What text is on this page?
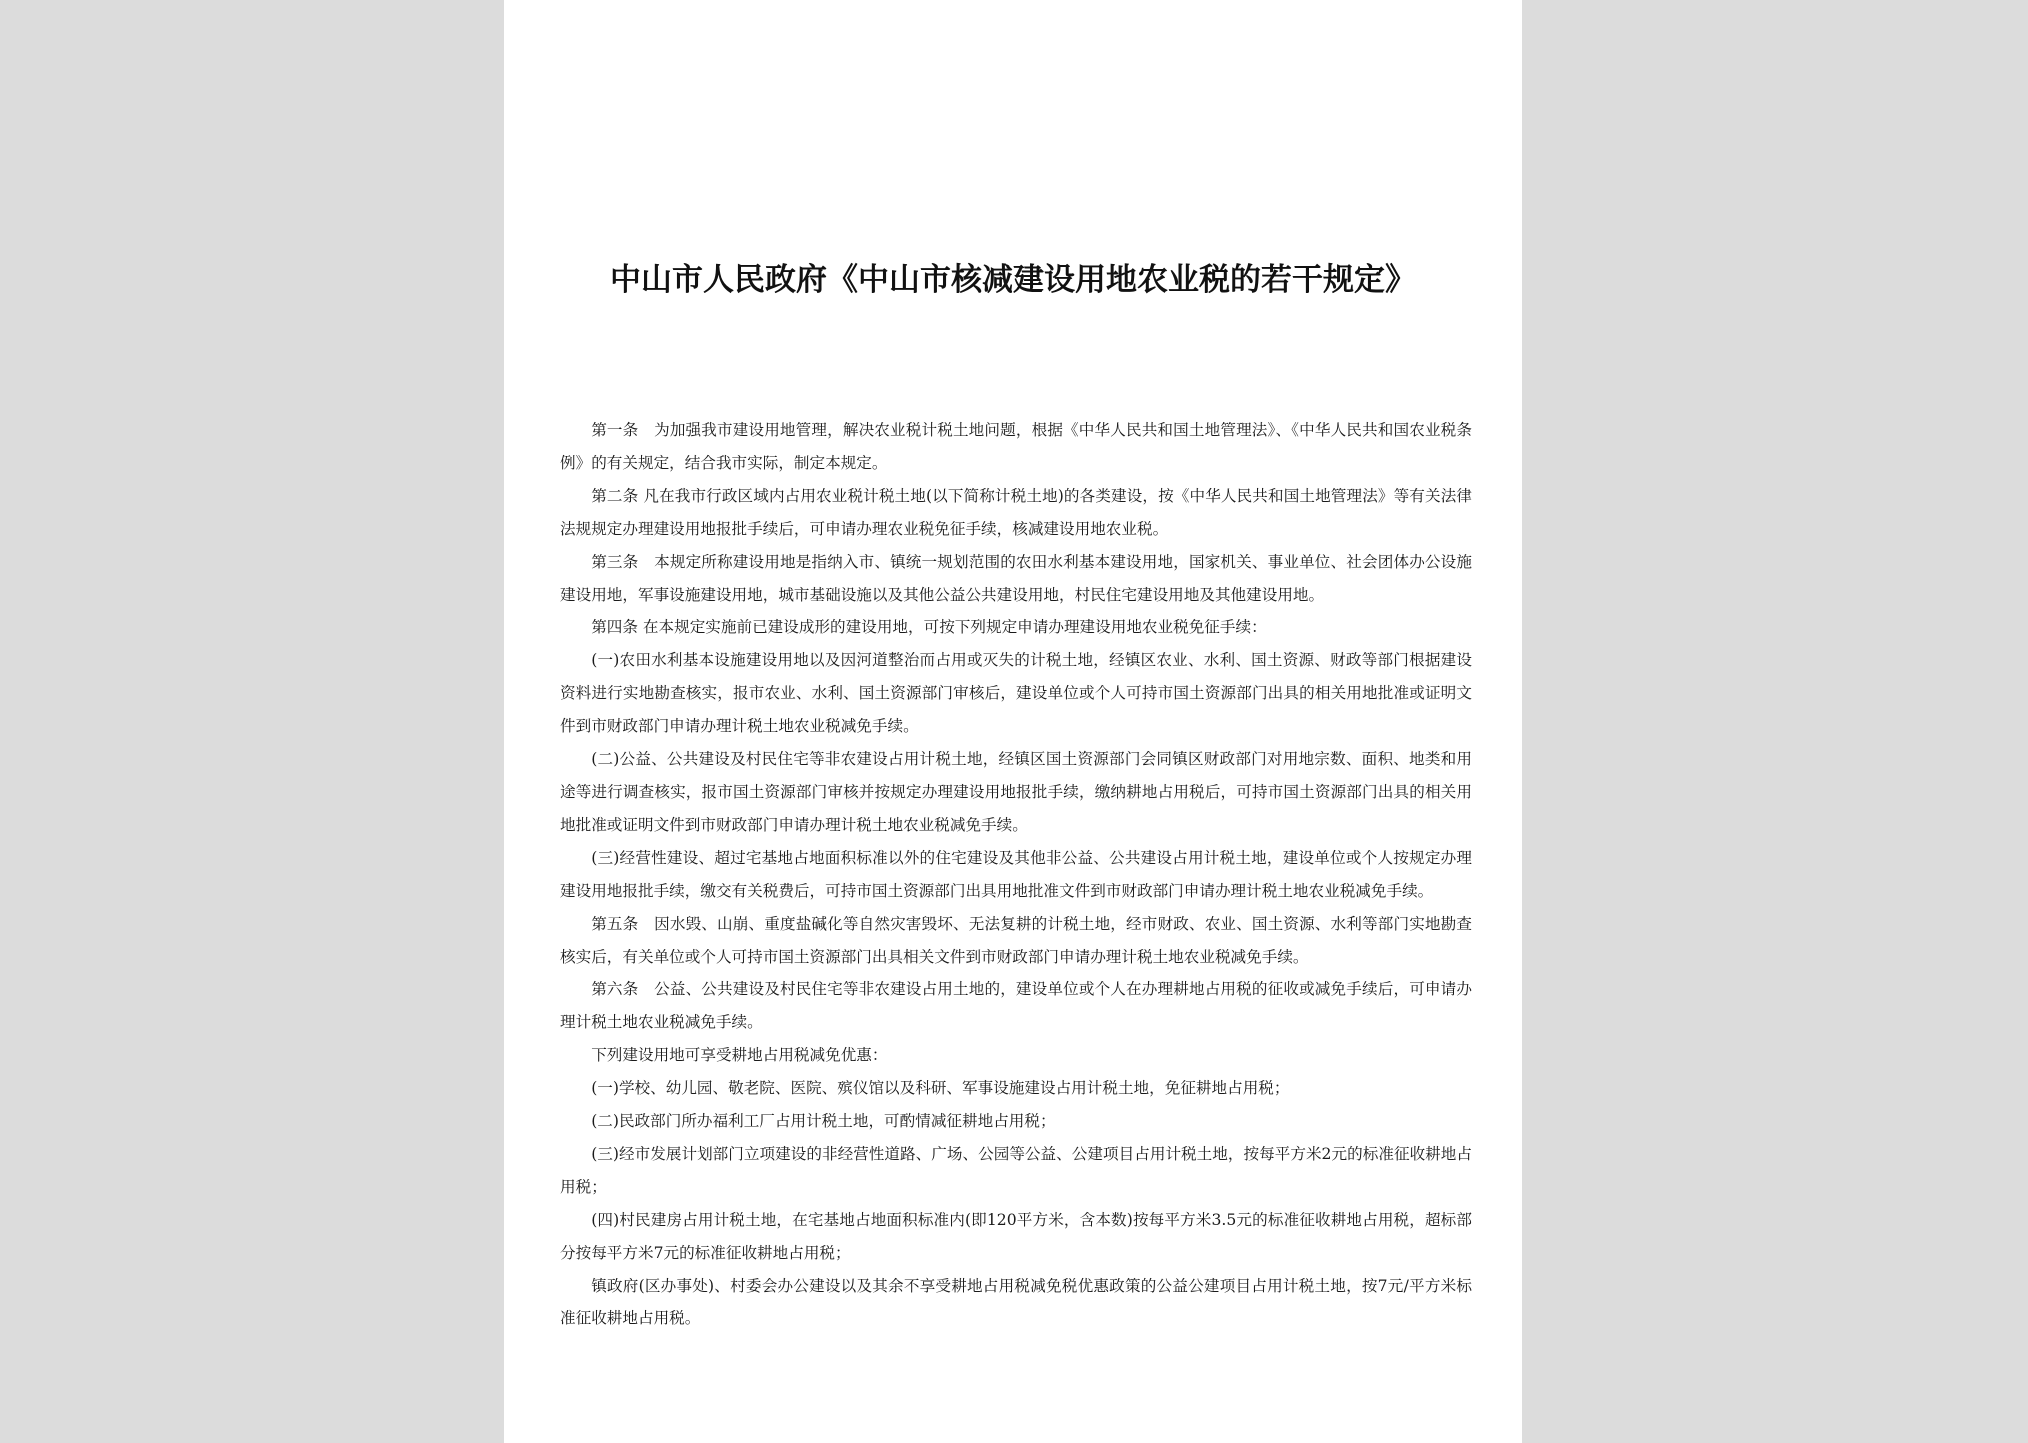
中山市人民政府《中山市核减建设用地农业税的若干规定》

第一条　为加强我市建设用地管理，解决农业税计税土地问题，根据《中华人民共和国土地管理法》、《中华人民共和国农业税条例》的有关规定，结合我市实际，制定本规定。

第二条 凡在我市行政区域内占用农业税计税土地(以下简称计税土地)的各类建设，按《中华人民共和国土地管理法》等有关法律法规规定办理建设用地报批手续后，可申请办理农业税免征手续，核减建设用地农业税。

第三条　本规定所称建设用地是指纳入市、镇统一规划范围的农田水利基本建设用地，国家机关、事业单位、社会团体办公设施建设用地，军事设施建设用地，城市基础设施以及其他公益公共建设用地，村民住宅建设用地及其他建设用地。

第四条 在本规定实施前已建设成形的建设用地，可按下列规定申请办理建设用地农业税免征手续：

(一)农田水利基本设施建设用地以及因河道整治而占用或灭失的计税土地，经镇区农业、水利、国土资源、财政等部门根据建设资料进行实地勘查核实，报市农业、水利、国土资源部门审核后，建设单位或个人可持市国土资源部门出具的相关用地批准或证明文件到市财政部门申请办理计税土地农业税减免手续。

(二)公益、公共建设及村民住宅等非农建设占用计税土地，经镇区国土资源部门会同镇区财政部门对用地宗数、面积、地类和用途等进行调查核实，报市国土资源部门审核并按规定办理建设用地报批手续，缴纳耕地占用税后，可持市国土资源部门出具的相关用地批准或证明文件到市财政部门申请办理计税土地农业税减免手续。

(三)经营性建设、超过宅基地占地面积标准以外的住宅建设及其他非公益、公共建设占用计税土地，建设单位或个人按规定办理建设用地报批手续，缴交有关税费后，可持市国土资源部门出具用地批准文件到市财政部门申请办理计税土地农业税减免手续。

第五条　因水毁、山崩、重度盐碱化等自然灾害毁坏、无法复耕的计税土地，经市财政、农业、国土资源、水利等部门实地勘查核实后，有关单位或个人可持市国土资源部门出具相关文件到市财政部门申请办理计税土地农业税减免手续。

第六条　公益、公共建设及村民住宅等非农建设占用土地的，建设单位或个人在办理耕地占用税的征收或减免手续后，可申请办理计税土地农业税减免手续。

下列建设用地可享受耕地占用税减免优惠：

(一)学校、幼儿园、敬老院、医院、殡仪馆以及科研、军事设施建设占用计税土地，免征耕地占用税；

(二)民政部门所办福利工厂占用计税土地，可酌情减征耕地占用税；

(三)经市发展计划部门立项建设的非经营性道路、广场、公园等公益、公建项目占用计税土地，按每平方米2元的标准征收耕地占用税；

(四)村民建房占用计税土地，在宅基地占地面积标准内(即120平方米，含本数)按每平方米3.5元的标准征收耕地占用税，超标部分按每平方米7元的标准征收耕地占用税；

镇政府(区办事处)、村委会办公建设以及其余不享受耕地占用税减免税优惠政策的公益公建项目占用计税土地，按7元/平方米标准征收耕地占用税。
